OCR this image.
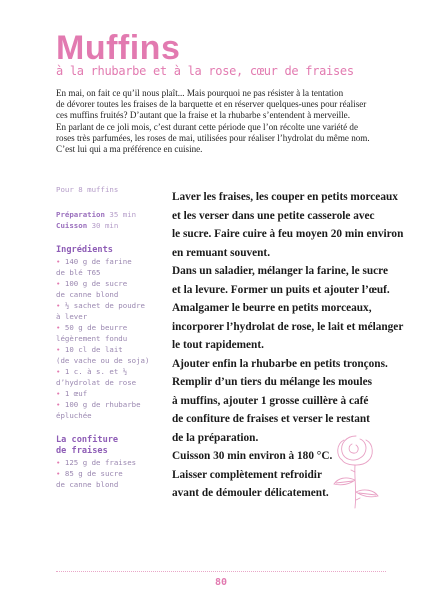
Muffins

à la rhubarbe et à la rose, cœur de fraises

En mai, on fait ce qu’il nous plaît... Mais pourquoi ne pas résister à la tentation
de dévorer toutes les fraises de la barquette et en réserver quelques-unes pour réaliser
ces muffins fruités? D’autant que la fraise et la rhubarbe s’entendent à merveille.
En parlant de ce joli mois, c’est durant cette période que l’on récolte une variété de
roses très parfumées, les roses de mai, utilisées pour réaliser l’hydrolat du même nom.
C’est lui qui a ma préférence en cuisine.
Pour 8 muffins
Préparation 35 min
Cuisson 30 min
Ingrédients
• 140 g de farine
de blé T65
• 100 g de sucre
de canne blond
• ½ sachet de poudre
à lever
• 50 g de beurre
légèrement fondu
• 10 cl de lait
(de vache ou de soja)
• 1 c. à s. et ½
d’hydrolat de rose
• 1 œuf
• 100 g de rhubarbe
épluchée
La confiture
de fraises
• 125 g de fraises
• 85 g de sucre
de canne blond
Laver les fraises, les couper en petits morceaux
et les verser dans une petite casserole avec
le sucre. Faire cuire à feu moyen 20 min environ
en remuant souvent.
Dans un saladier, mélanger la farine, le sucre
et la levure. Former un puits et ajouter l’œuf.
Amalgamer le beurre en petits morceaux,
incorporer l’hydrolat de rose, le lait et mélanger
le tout rapidement.
Ajouter enfin la rhubarbe en petits tronçons.
Remplir d’un tiers du mélange les moules
à muffins, ajouter 1 grosse cuillère à café
de confiture de fraises et verser le restant
de la préparation.
Cuisson 30 min environ à 180 °C.
Laisser complètement refroidir
avant de démouler délicatement.
80
